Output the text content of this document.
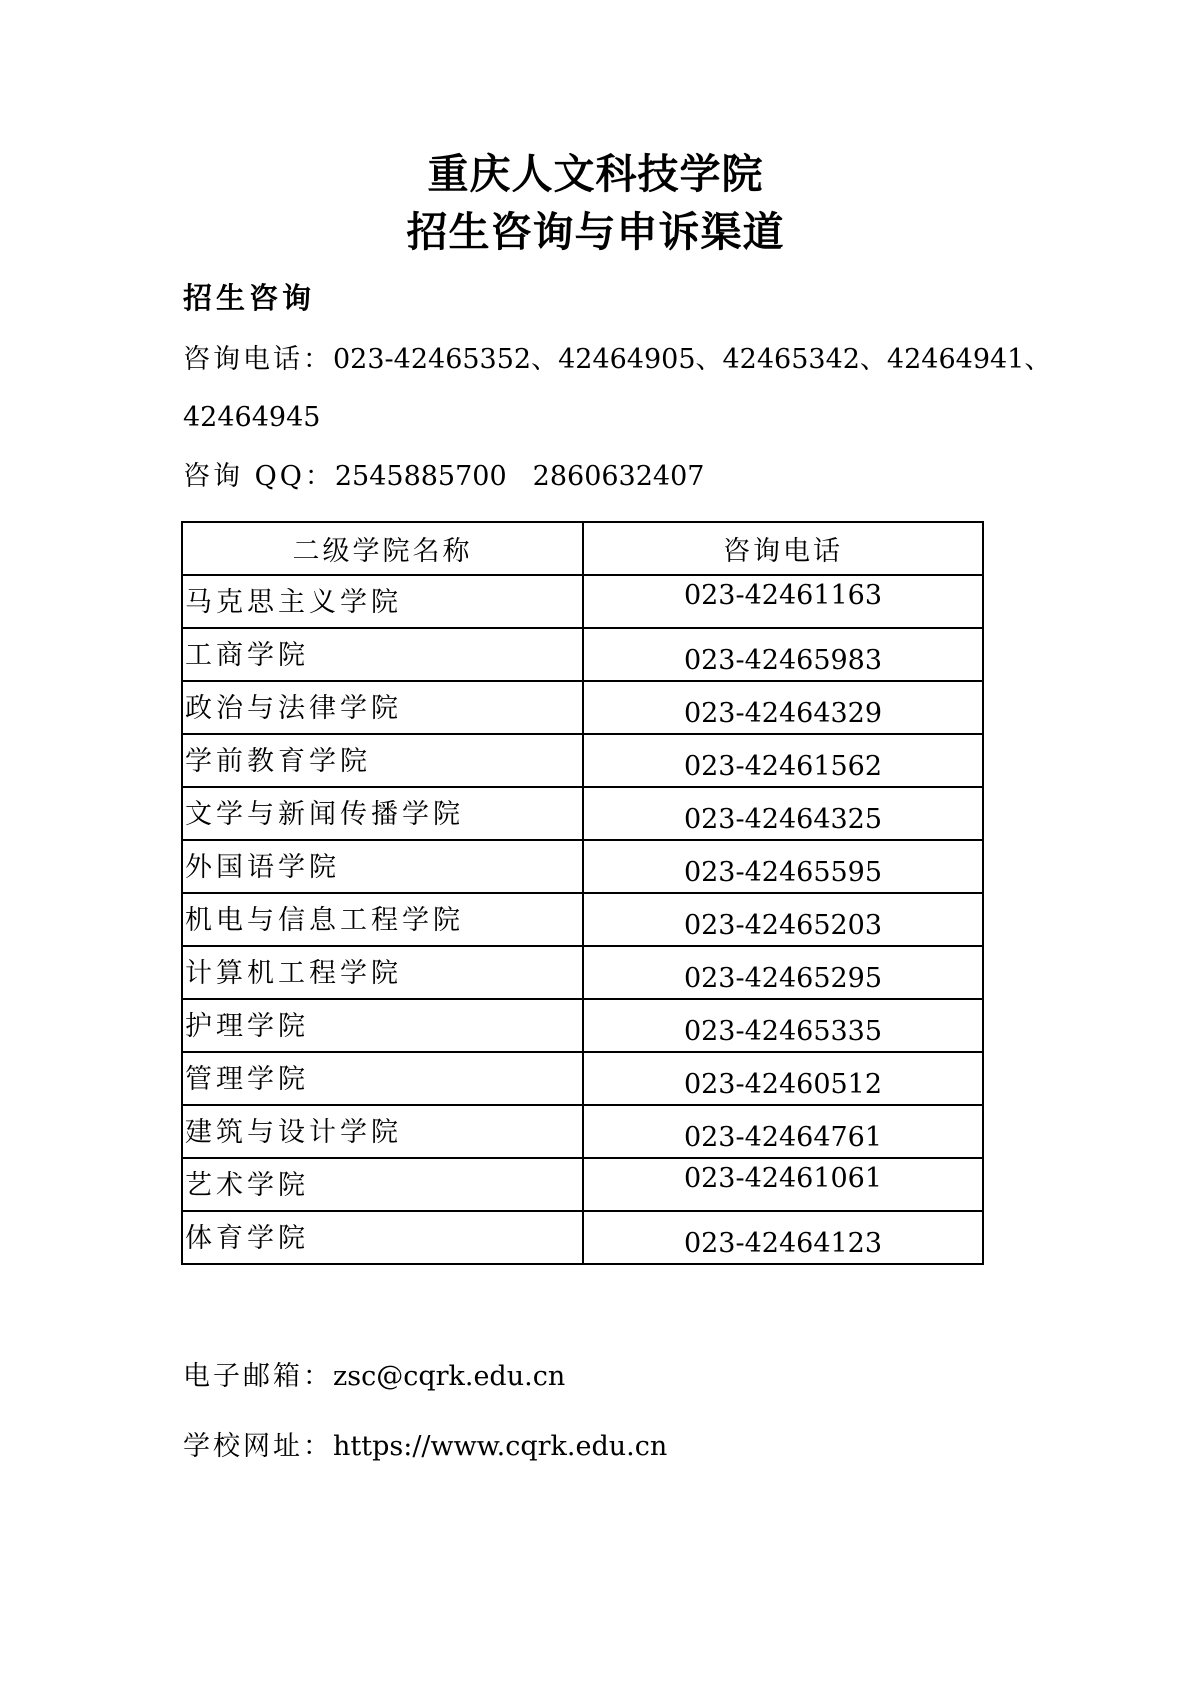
重庆人文科技学院
招生咨询与申诉渠道
招生咨询
咨询电话：023-42465352、42464905、42465342、42464941、
42464945
咨询 QQ：2545885700 2860632407
二级学院名称	咨询电话
马克思主义学院	023-42461163
工商学院	023-42465983
政治与法律学院	023-42464329
学前教育学院	023-42461562
文学与新闻传播学院	023-42464325
外国语学院	023-42465595
机电与信息工程学院	023-42465203
计算机工程学院	023-42465295
护理学院	023-42465335
管理学院	023-42460512
建筑与设计学院	023-42464761
艺术学院	023-42461061
体育学院	023-42464123
电子邮箱：zsc@cqrk.edu.cn
学校网址：https://www.cqrk.edu.cn
